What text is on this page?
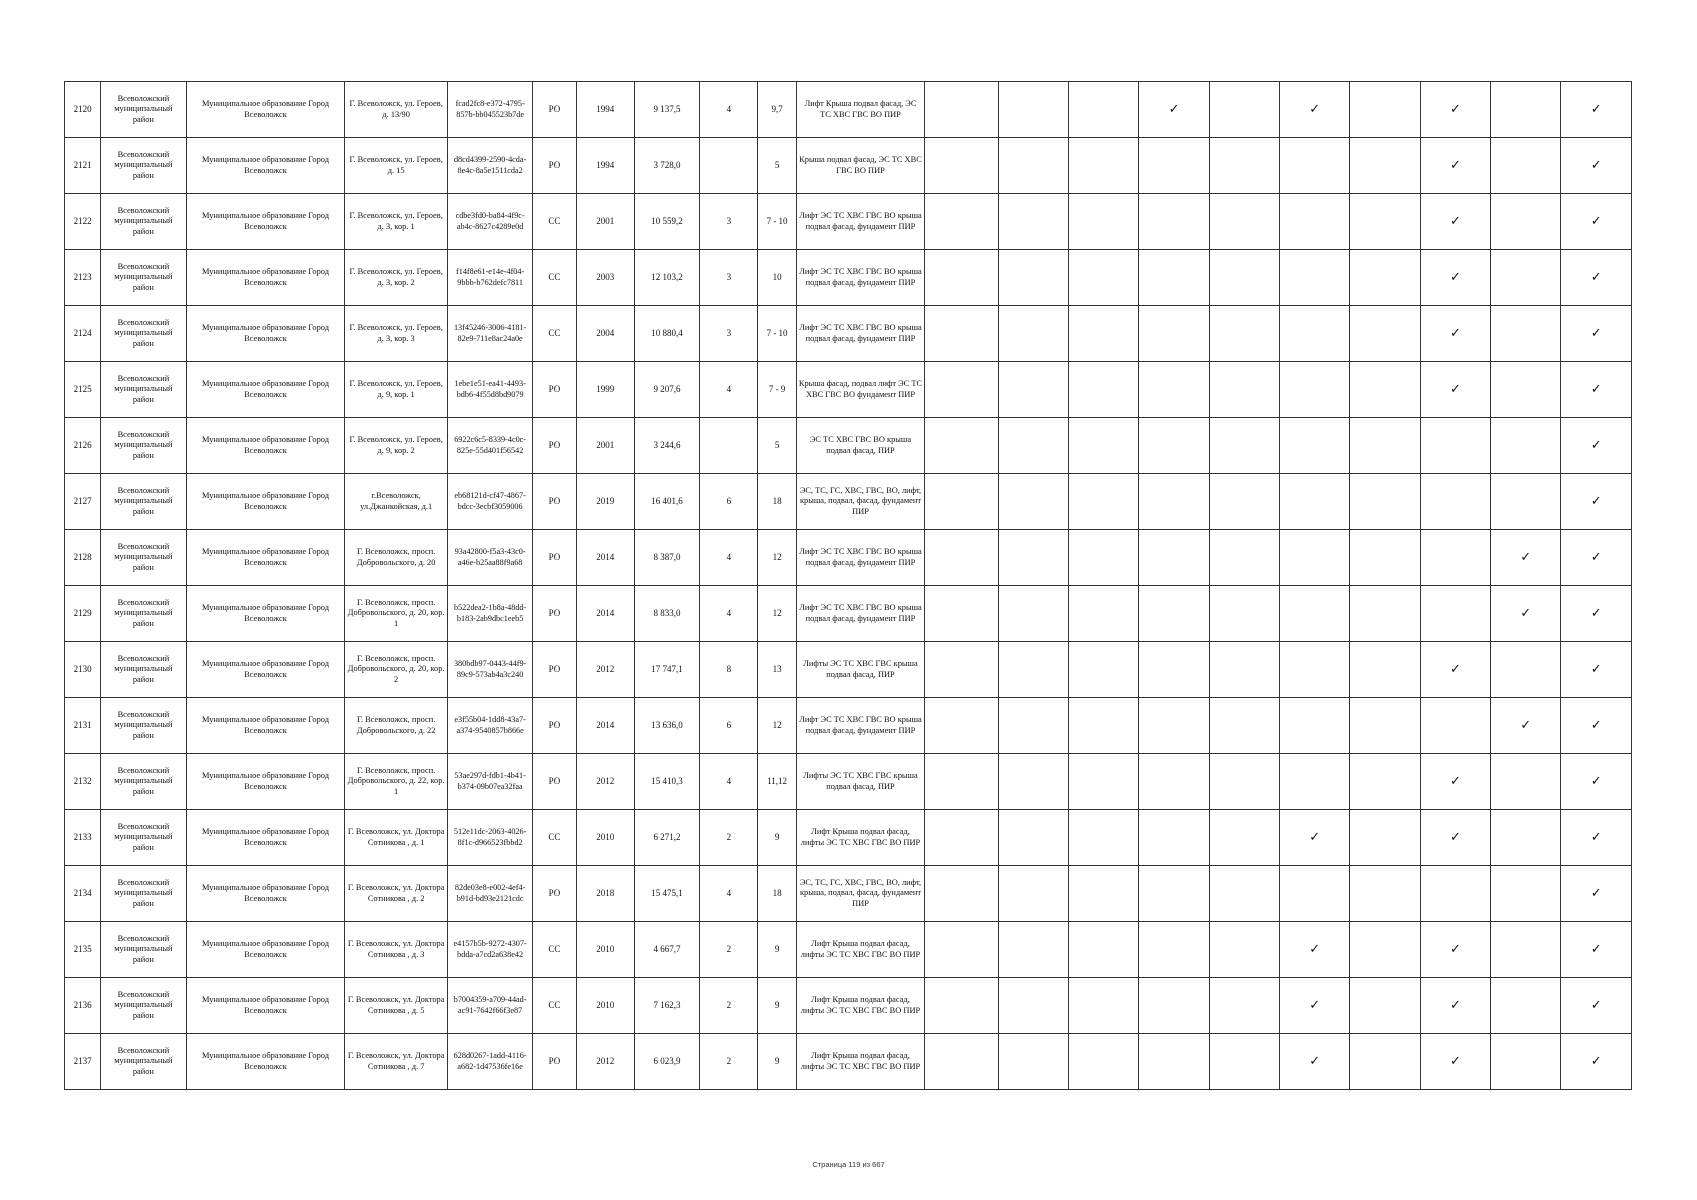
2120	Всеволожский муниципальный район	Муниципальное образование Город Всеволожск	Г. Всеволожск, ул. Героев, д. 13/90	fcad2fc8-e372-4795-857b-bb045523b7de	РО	1994	9 137,5	4	9,7	Лифт Крыша подвал фасад, ЭС ТС ХВС ГВС ВО ПИР				✓		✓		✓		✓
2121	Всеволожский муниципальный район	Муниципальное образование Город Всеволожск	Г. Всеволожск, ул. Героев, д. 15	d8cd4399-2590-4cda-8e4c-8a5e1511cda2	РО	1994	3 728,0		5	Крыша подвал фасад, ЭС ТС ХВС ГВС ВО ПИР								✓		✓
2122	Всеволожский муниципальный район	Муниципальное образование Город Всеволожск	Г. Всеволожск, ул. Героев, д. 3, кор. 1	cdbe3fd0-ba84-4f9c-ab4c-8627c4289e0d	СС	2001	10 559,2	3	7 - 10	Лифт ЭС ТС ХВС ГВС ВО крыша подвал фасад, фундамент ПИР								✓		✓
2123	Всеволожский муниципальный район	Муниципальное образование Город Всеволожск	Г. Всеволожск, ул. Героев, д. 3, кор. 2	f14f8e61-e14e-4f04-9bbb-b762defc7811	СС	2003	12 103,2	3	10	Лифт ЭС ТС ХВС ГВС ВО крыша подвал фасад, фундамент ПИР								✓		✓
2124	Всеволожский муниципальный район	Муниципальное образование Город Всеволожск	Г. Всеволожск, ул. Героев, д. 3, кор. 3	13f45246-3006-4181-82e9-711e8ac24a0e	СС	2004	10 880,4	3	7 - 10	Лифт ЭС ТС ХВС ГВС ВО крыша подвал фасад, фундамент ПИР								✓		✓
2125	Всеволожский муниципальный район	Муниципальное образование Город Всеволожск	Г. Всеволожск, ул. Героев, д. 9, кор. 1	1ebe1e51-ea41-4493-bdb6-4f55d8bd9079	РО	1999	9 207,6	4	7 - 9	Крыша фасад, подвал лифт ЭС ТС ХВС ГВС ВО фундамент ПИР								✓		✓
2126	Всеволожский муниципальный район	Муниципальное образование Город Всеволожск	Г. Всеволожск, ул. Героев, д. 9, кор. 2	6922c6c5-8339-4c0c-825e-55d401f56542	РО	2001	3 244,6		5	ЭС ТС ХВС ГВС ВО крыша подвал фасад, ПИР										✓
2127	Всеволожский муниципальный район	Муниципальное образование Город Всеволожск	г.Всеволожск, ул.Джанкойская, д.1	eb68121d-cf47-4867-bdcc-3ecbf3059006	РО	2019	16 401,6	6	18	ЭС, ТС, ГС, ХВС, ГВС, ВО, лифт, крыша, подвал, фасад, фундамент ПИР										✓
2128	Всеволожский муниципальный район	Муниципальное образование Город Всеволожск	Г. Всеволожск, просп. Добровольского, д. 20	93a42800-f5a3-43c0-a46e-b25aa88f9a68	РО	2014	8 387,0	4	12	Лифт ЭС ТС ХВС ГВС ВО крыша подвал фасад, фундамент ПИР									✓	✓
2129	Всеволожский муниципальный район	Муниципальное образование Город Всеволожск	Г. Всеволожск, просп. Добровольского, д. 20, кор. 1	b522dea2-1b8a-48dd-b183-2ab9dbc1eeb5	РО	2014	8 833,0	4	12	Лифт ЭС ТС ХВС ГВС ВО крыша подвал фасад, фундамент ПИР									✓	✓
2130	Всеволожский муниципальный район	Муниципальное образование Город Всеволожск	Г. Всеволожск, просп. Добровольского, д. 20, кор. 2	380bdb97-0443-44f9-89c9-573ab4a3c240	РО	2012	17 747,1	8	13	Лифты ЭС ТС ХВС ГВС крыша подвал фасад, ПИР								✓		✓
2131	Всеволожский муниципальный район	Муниципальное образование Город Всеволожск	Г. Всеволожск, просп. Добровольского, д. 22	e3f55b04-1dd8-43a7-a374-9540857b866e	РО	2014	13 636,0	6	12	Лифт ЭС ТС ХВС ГВС ВО крыша подвал фасад, фундамент ПИР									✓	✓
2132	Всеволожский муниципальный район	Муниципальное образование Город Всеволожск	Г. Всеволожск, просп. Добровольского, д. 22, кор. 1	53ae297d-fdb1-4b41-b374-09b07ea32faa	РО	2012	15 410,3	4	11,12	Лифты ЭС ТС ХВС ГВС крыша подвал фасад, ПИР								✓		✓
2133	Всеволожский муниципальный район	Муниципальное образование Город Всеволожск	Г. Всеволожск, ул. Доктора Сотникова , д. 1	512e11dc-2063-4026-8f1c-d966523fbbd2	СС	2010	6 271,2	2	9	Лифт Крыша подвал фасад, лифты ЭС ТС ХВС ГВС ВО ПИР						✓		✓		✓
2134	Всеволожский муниципальный район	Муниципальное образование Город Всеволожск	Г. Всеволожск, ул. Доктора Сотникова , д. 2	82de03e8-e002-4ef4-b91d-bd93e2121cdc	РО	2018	15 475,1	4	18	ЭС, ТС, ГС, ХВС, ГВС, ВО, лифт, крыша, подвал, фасад, фундамент ПИР										✓
2135	Всеволожский муниципальный район	Муниципальное образование Город Всеволожск	Г. Всеволожск, ул. Доктора Сотникова , д. 3	e4157b5b-9272-4307-bdda-a7cd2a638e42	СС	2010	4 667,7	2	9	Лифт Крыша подвал фасад, лифты ЭС ТС ХВС ГВС ВО ПИР						✓		✓		✓
2136	Всеволожский муниципальный район	Муниципальное образование Город Всеволожск	Г. Всеволожск, ул. Доктора Сотникова , д. 5	b7004359-a709-44ad-ac91-7642f66f3e87	СС	2010	7 162,3	2	9	Лифт Крыша подвал фасад, лифты ЭС ТС ХВС ГВС ВО ПИР						✓		✓		✓
2137	Всеволожский муниципальный район	Муниципальное образование Город Всеволожск	Г. Всеволожск, ул. Доктора Сотникова , д. 7	628d0267-1add-4116-a682-1d47536fe16e	РО	2012	6 023,9	2	9	Лифт Крыша подвал фасад, лифты ЭС ТС ХВС ГВС ВО ПИР						✓		✓		✓
Страница 119 из 667
